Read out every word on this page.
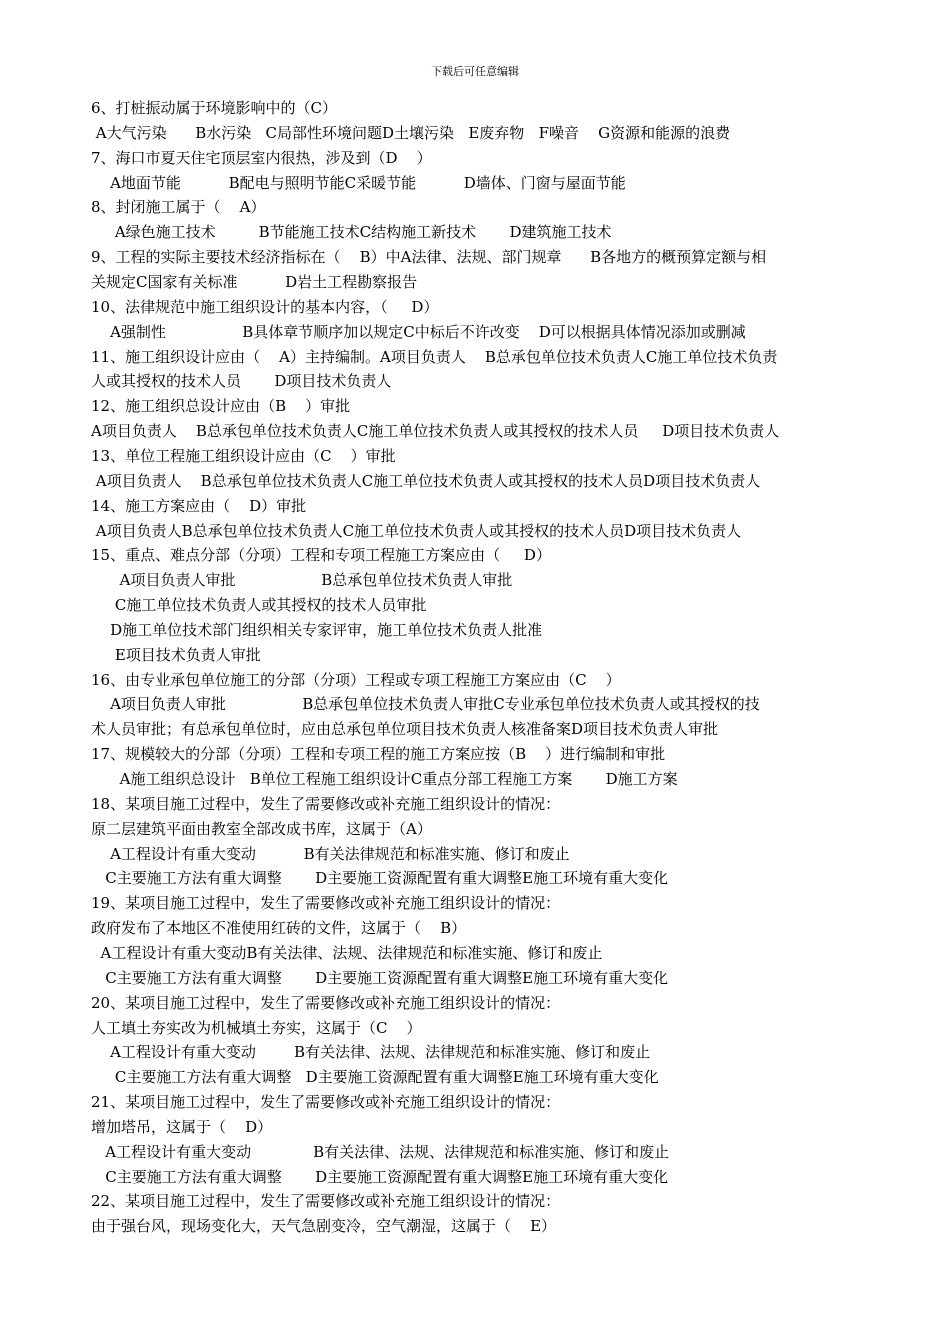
下载后可任意编辑
6、打桩振动属于环境影响中的（C）
A大气污染      B水污染   C局部性环境问题D土壤污染   E废弃物   F噪音    G资源和能源的浪费
7、海口市夏天住宅顶层室内很热，涉及到（D    ）
A地面节能          B配电与照明节能C采暖节能          D墙体、门窗与屋面节能
8、封闭施工属于（    A）
A绿色施工技术         B节能施工技术C结构施工新技术       D建筑施工技术
9、工程的实际主要技术经济指标在（    B）中A法律、法规、部门规章      B各地方的概预算定额与相
关规定C国家有关标准          D岩土工程勘察报告
10、法律规范中施工组织设计的基本内容，（     D）
A强制性                B具体章节顺序加以规定C中标后不许改变    D可以根据具体情况添加或删减
11、施工组织设计应由（    A）主持编制。A项目负责人    B总承包单位技术负责人C施工单位技术负责
人或其授权的技术人员       D项目技术负责人
12、施工组织总设计应由（B    ）审批
A项目负责人    B总承包单位技术负责人C施工单位技术负责人或其授权的技术人员     D项目技术负责人
13、单位工程施工组织设计应由（C    ）审批
A项目负责人    B总承包单位技术负责人C施工单位技术负责人或其授权的技术人员D项目技术负责人
14、施工方案应由（    D）审批
A项目负责人B总承包单位技术负责人C施工单位技术负责人或其授权的技术人员D项目技术负责人
15、重点、难点分部（分项）工程和专项工程施工方案应由（     D）
A项目负责人审批                  B总承包单位技术负责人审批
C施工单位技术负责人或其授权的技术人员审批
D施工单位技术部门组织相关专家评审，施工单位技术负责人批准
E项目技术负责人审批
16、由专业承包单位施工的分部（分项）工程或专项工程施工方案应由（C    ）
A项目负责人审批                B总承包单位技术负责人审批C专业承包单位技术负责人或其授权的技
术人员审批；有总承包单位时，应由总承包单位项目技术负责人核准备案D项目技术负责人审批
17、规模较大的分部（分项）工程和专项工程的施工方案应按（B    ）进行编制和审批
A施工组织总设计   B单位工程施工组织设计C重点分部工程施工方案       D施工方案
18、某项目施工过程中，发生了需要修改或补充施工组织设计的情况：
原二层建筑平面由教室全部改成书库，这属于（A）
A工程设计有重大变动          B有关法律规范和标准实施、修订和废止
C主要施工方法有重大调整       D主要施工资源配置有重大调整E施工环境有重大变化
19、某项目施工过程中，发生了需要修改或补充施工组织设计的情况：
政府发布了本地区不准使用红砖的文件，这属于（    B）
A工程设计有重大变动B有关法律、法规、法律规范和标准实施、修订和废止
C主要施工方法有重大调整       D主要施工资源配置有重大调整E施工环境有重大变化
20、某项目施工过程中，发生了需要修改或补充施工组织设计的情况：
人工填土夯实改为机械填土夯实，这属于（C    ）
A工程设计有重大变动        B有关法律、法规、法律规范和标准实施、修订和废止
C主要施工方法有重大调整   D主要施工资源配置有重大调整E施工环境有重大变化
21、某项目施工过程中，发生了需要修改或补充施工组织设计的情况：
增加塔吊，这属于（    D）
A工程设计有重大变动             B有关法律、法规、法律规范和标准实施、修订和废止
C主要施工方法有重大调整       D主要施工资源配置有重大调整E施工环境有重大变化
22、某项目施工过程中，发生了需要修改或补充施工组织设计的情况：
由于强台风，现场变化大，天气急剧变冷，空气潮湿，这属于（    E）
